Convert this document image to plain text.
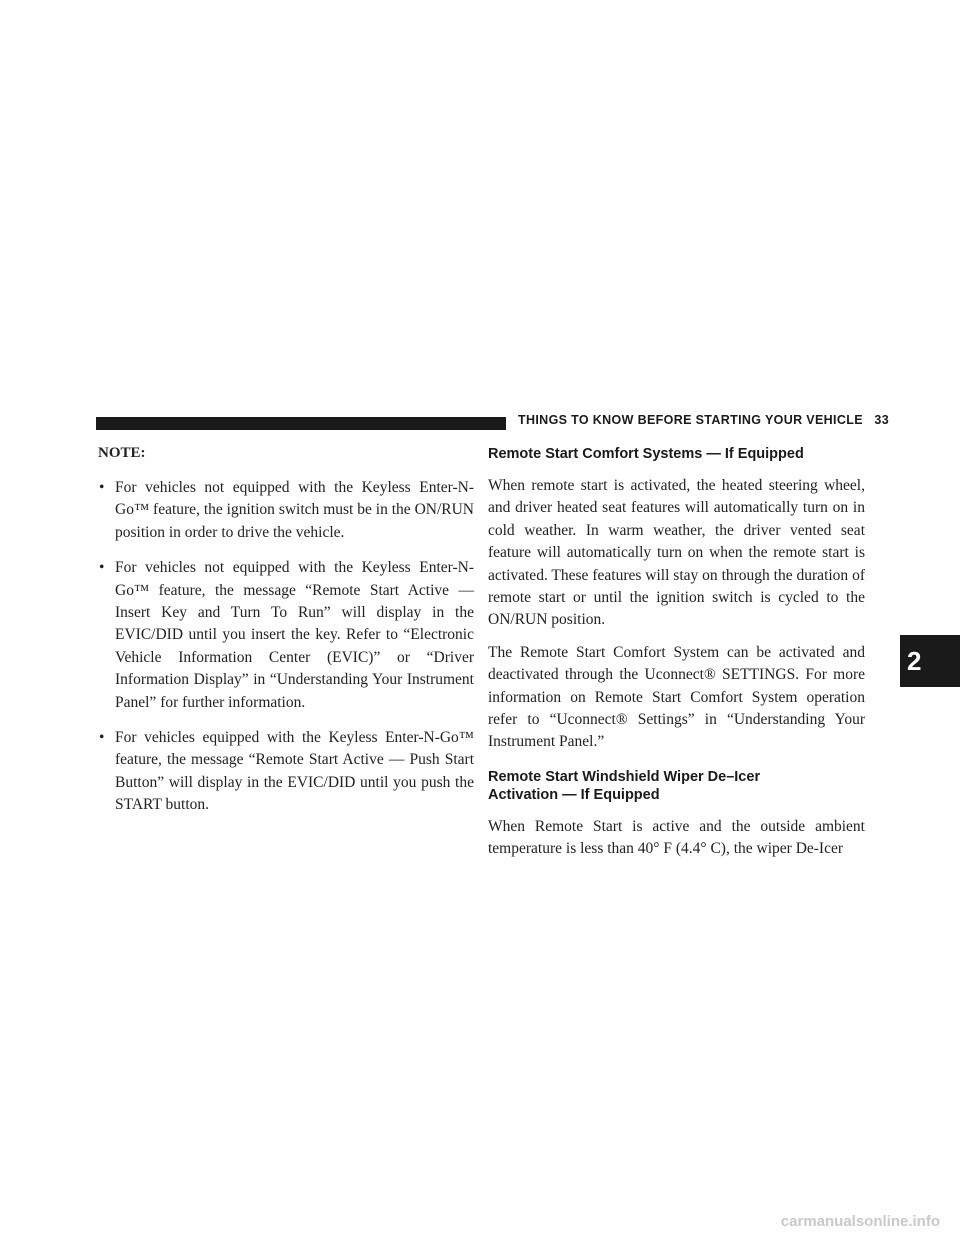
THINGS TO KNOW BEFORE STARTING YOUR VEHICLE 33
NOTE:
• For vehicles not equipped with the Keyless Enter-N-Go™ feature, the ignition switch must be in the ON/RUN position in order to drive the vehicle.
• For vehicles not equipped with the Keyless Enter-N-Go™ feature, the message “Remote Start Active — Insert Key and Turn To Run” will display in the EVIC/DID until you insert the key. Refer to “Electronic Vehicle Information Center (EVIC)” or “Driver Information Display” in “Understanding Your Instrument Panel” for further information.
• For vehicles equipped with the Keyless Enter-N-Go™ feature, the message “Remote Start Active — Push Start Button” will display in the EVIC/DID until you push the START button.
Remote Start Comfort Systems — If Equipped

When remote start is activated, the heated steering wheel, and driver heated seat features will automatically turn on in cold weather. In warm weather, the driver vented seat feature will automatically turn on when the remote start is activated. These features will stay on through the duration of remote start or until the ignition switch is cycled to the ON/RUN position.

The Remote Start Comfort System can be activated and deactivated through the Uconnect® SETTINGS. For more information on Remote Start Comfort System operation refer to “Uconnect® Settings” in “Understanding Your Instrument Panel.”

Remote Start Windshield Wiper De–Icer
Activation — If Equipped

When Remote Start is active and the outside ambient temperature is less than 40° F (4.4° C), the wiper De-Icer

2
carmanualsonline.info
